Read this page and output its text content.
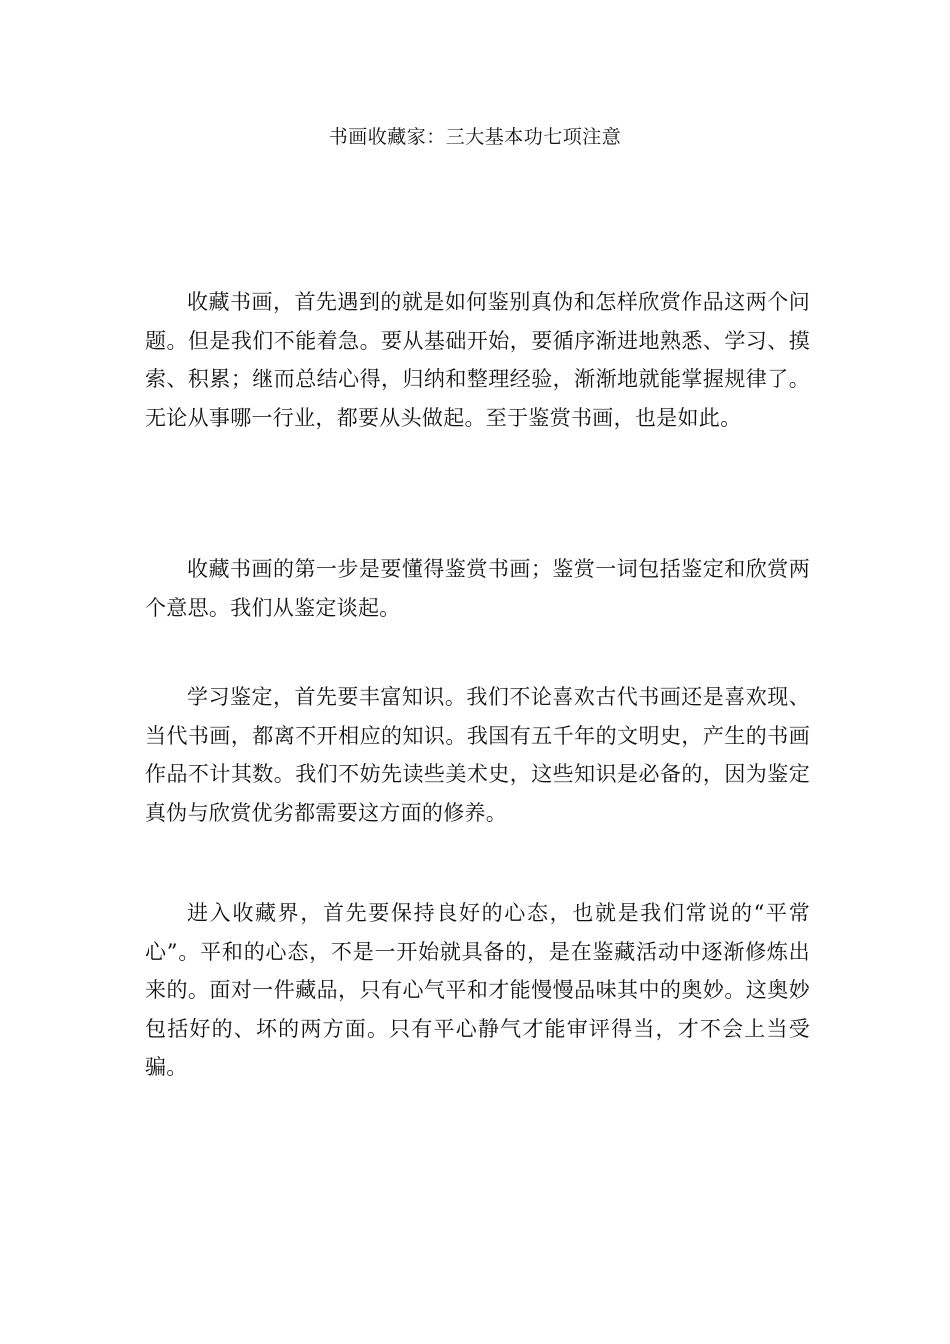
书画收藏家：三大基本功七项注意

收藏书画，首先遇到的就是如何鉴别真伪和怎样欣赏作品这两个问题。但是我们不能着急。要从基础开始，要循序渐进地熟悉、学习、摸索、积累；继而总结心得，归纳和整理经验，渐渐地就能掌握规律了。无论从事哪一行业，都要从头做起。至于鉴赏书画，也是如此。

收藏书画的第一步是要懂得鉴赏书画；鉴赏一词包括鉴定和欣赏两个意思。我们从鉴定谈起。

学习鉴定，首先要丰富知识。我们不论喜欢古代书画还是喜欢现、当代书画，都离不开相应的知识。我国有五千年的文明史，产生的书画作品不计其数。我们不妨先读些美术史，这些知识是必备的，因为鉴定真伪与欣赏优劣都需要这方面的修养。

进入收藏界，首先要保持良好的心态，也就是我们常说的“平常心”。平和的心态，不是一开始就具备的，是在鉴藏活动中逐渐修炼出来的。面对一件藏品，只有心气平和才能慢慢品味其中的奥妙。这奥妙包括好的、坏的两方面。只有平心静气才能审评得当，才不会上当受骗。
